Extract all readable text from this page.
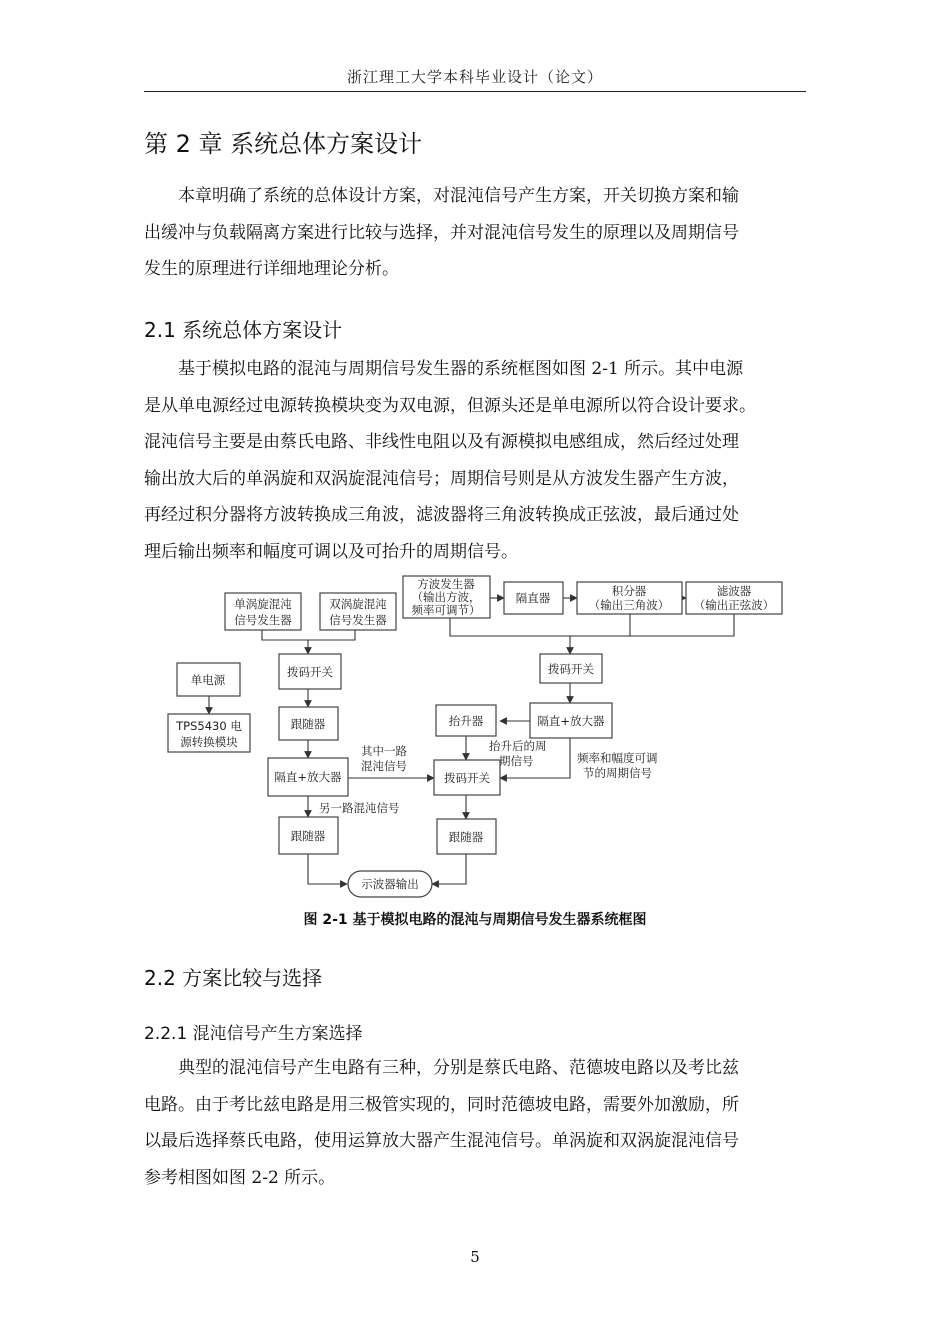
浙江理工大学本科毕业设计（论文）
第 2 章 系统总体方案设计

本章明确了系统的总体设计方案，对混沌信号产生方案，开关切换方案和输
出缓冲与负载隔离方案进行比较与选择，并对混沌信号发生的原理以及周期信号
发生的原理进行详细地理论分析。

2.1 系统总体方案设计

基于模拟电路的混沌与周期信号发生器的系统框图如图 2-1 所示。其中电源
是从单电源经过电源转换模块变为双电源，但源头还是单电源所以符合设计要求。
混沌信号主要是由蔡氏电路、非线性电阻以及有源模拟电感组成，然后经过处理
输出放大后的单涡旋和双涡旋混沌信号；周期信号则是从方波发生器产生方波，
再经过积分器将方波转换成三角波，滤波器将三角波转换成正弦波，最后通过处
理后输出频率和幅度可调以及可抬升的周期信号。

单涡旋混沌
信号发生器
双涡旋混沌
信号发生器
方波发生器
（输出方波，
频率可调节）
隔直器	积分器
（输出三角波）
滤波器
（输出正弦波）
拨码开关	拨码开关
单电源
TPS5430 电
源转换模块
跟随器	抬升器	隔直+放大器
隔直+放大器	拨码开关
跟随器	跟随器
示波器输出
其中一路
混沌信号
另一路混沌信号
抬升后的周
期信号	频率和幅度可调
节的周期信号
图 2-1 基于模拟电路的混沌与周期信号发生器系统框图
2.2 方案比较与选择
2.2.1 混沌信号产生方案选择

典型的混沌信号产生电路有三种，分别是蔡氏电路、范德坡电路以及考比兹
电路。由于考比兹电路是用三极管实现的，同时范德坡电路，需要外加激励，所
以最后选择蔡氏电路，使用运算放大器产生混沌信号。单涡旋和双涡旋混沌信号
参考相图如图 2-2 所示。

5
